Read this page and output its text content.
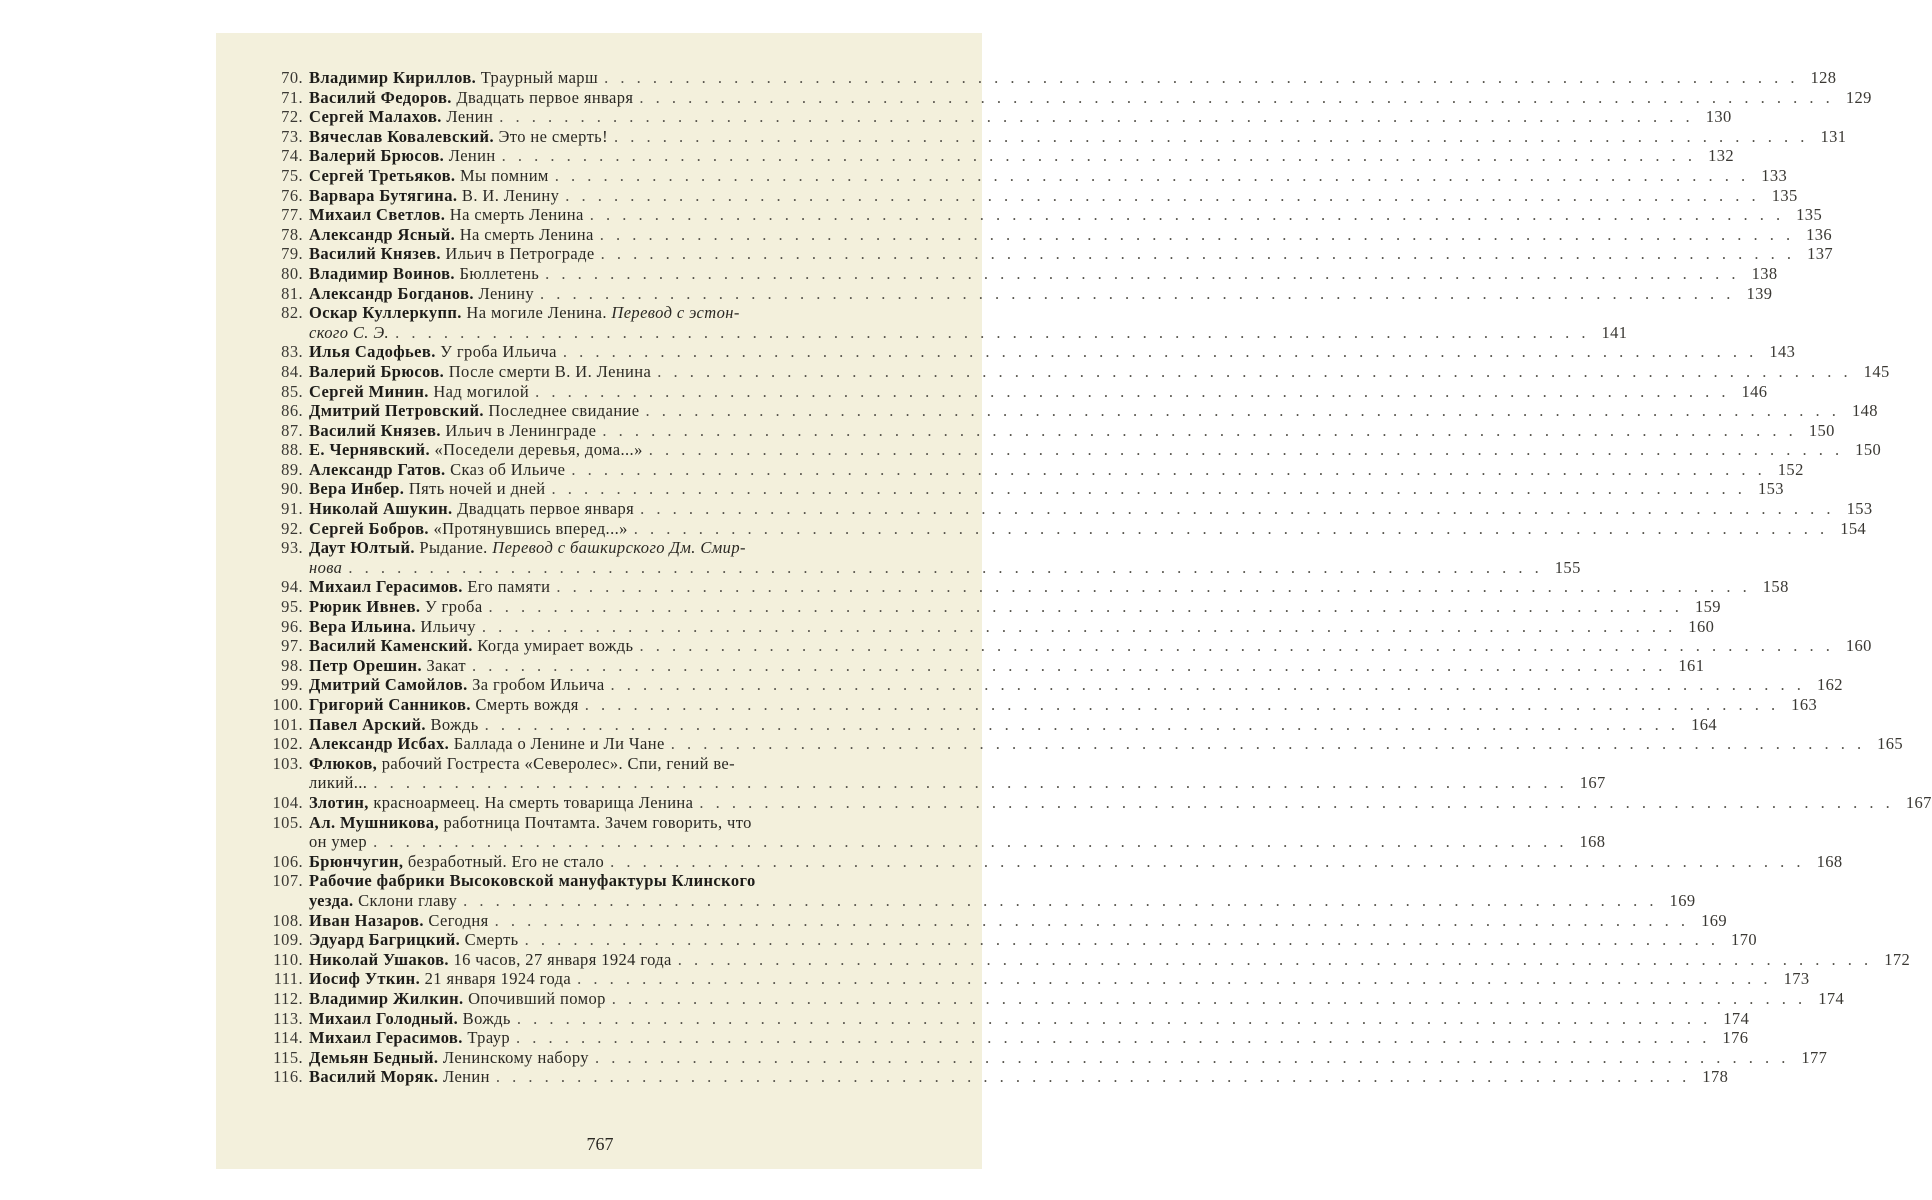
70. Владимир Кириллов. Траурный марш . . .	128
71. Василий Федоров. Двадцать первое января . . .	129
72. Сергей Малахов. Ленин . . .	130
73. Вячеслав Ковалевский. Это не смерть! . . .	131
74. Валерий Брюсов. Ленин . . .	132
75. Сергей Третьяков. Мы помним . . .	133
76. Варвара Бутягина. В. И. Ленину . . .	135
77. Михаил Светлов. На смерть Ленина . . .	135
78. Александр Ясный. На смерть Ленина . . .	136
79. Василий Князев. Ильич в Петрограде . . .	137
80. Владимир Воинов. Бюллетень . . .	138
81. Александр Богданов. Ленину . . .	139
82. Оскар Куллеркупп. На могиле Ленина. Перевод с эстон-
ского С. Э. . . .	141
83. Илья Садофьев. У гроба Ильича . . .	143
84. Валерий Брюсов. После смерти В. И. Ленина . . .	145
85. Сергей Минин. Над могилой . . .	146
86. Дмитрий Петровский. Последнее свидание . . .	148
87. Василий Князев. Ильич в Ленинграде . . .	150
88. Е. Чернявский. «Поседели деревья, дома...» . . .	150
89. Александр Гатов. Сказ об Ильиче . . .	152
90. Вера Инбер. Пять ночей и дней . . .	153
91. Николай Ашукин. Двадцать первое января . . .	153
92. Сергей Бобров. «Протянувшись вперед...» . . .	154
93. Даут Юлтый. Рыдание. Перевод с башкирского Дм. Смир-
нова . . .	155
94. Михаил Герасимов. Его памяти . . .	158
95. Рюрик Ивнев. У гроба . . .	159
96. Вера Ильина. Ильичу . . .	160
97. Василий Каменский. Когда умирает вождь . . .	160
98. Петр Орешин. Закат . . .	161
99. Дмитрий Самойлов. За гробом Ильича . . .	162
100. Григорий Санников. Смерть вождя . . .	163
101. Павел Арский. Вождь . . .	164
102. Александр Исбах. Баллада о Ленине и Ли Чане . . .	165
103. Флюков, рабочий Гостреста «Северолес». Спи, гений ве-
ликий... . . .	167
104. Злотин, красноармеец. На смерть товарища Ленина . . .	167
105. Ал. Мушникова, работница Почтамта. Зачем говорить, что
он умер . . .	168
106. Брюнчугин, безработный. Его не стало . . .	168
107. Рабочие фабрики Высоковской мануфактуры Клинского
уезда. Склони главу . . .	169
108. Иван Назаров. Сегодня . . .	169
109. Эдуард Багрицкий. Смерть . . .	170
110. Николай Ушаков. 16 часов, 27 января 1924 года . . .	172
111. Иосиф Уткин. 21 января 1924 года . . .	173
112. Владимир Жилкин. Опочивший помор . . .	174
113. Михаил Голодный. Вождь . . .	174
114. Михаил Герасимов. Траур . . .	176
115. Демьян Бедный. Ленинскому набору . . .	177
116. Василий Моряк. Ленин . . .	178
767
